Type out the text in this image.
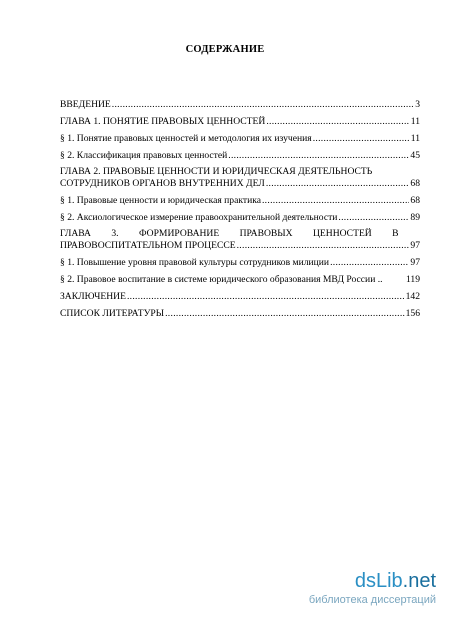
СОДЕРЖАНИЕ
ВВЕДЕНИЕ .....	3
ГЛАВА 1. ПОНЯТИЕ ПРАВОВЫХ ЦЕННОСТЕЙ .....	11
§ 1. Понятие правовых ценностей и методология их изучения .....	11
§ 2. Классификация правовых ценностей .....	45
ГЛАВА 2. ПРАВОВЫЕ ЦЕННОСТИ И ЮРИДИЧЕСКАЯ ДЕЯТЕЛЬНОСТЬ
СОТРУДНИКОВ ОРГАНОВ ВНУТРЕННИХ ДЕЛ .....	68
§ 1. Правовые ценности и юридическая практика .....	68
§ 2. Аксиологическое измерение правоохранительной деятельности .....	89
ГЛАВА 3. ФОРМИРОВАНИЕ ПРАВОВЫХ ЦЕННОСТЕЙ В
ПРАВОВОСПИТАТЕЛЬНОМ ПРОЦЕССЕ .....	97
§ 1. Повышение уровня правовой культуры сотрудников милиции .....	97
§ 2. Правовое воспитание в системе юридического образования МВД России .. 119
ЗАКЛЮЧЕНИЕ .....	142
СПИСОК ЛИТЕРАТУРЫ .....	156
dsLib.net
библиотека диссертаций
